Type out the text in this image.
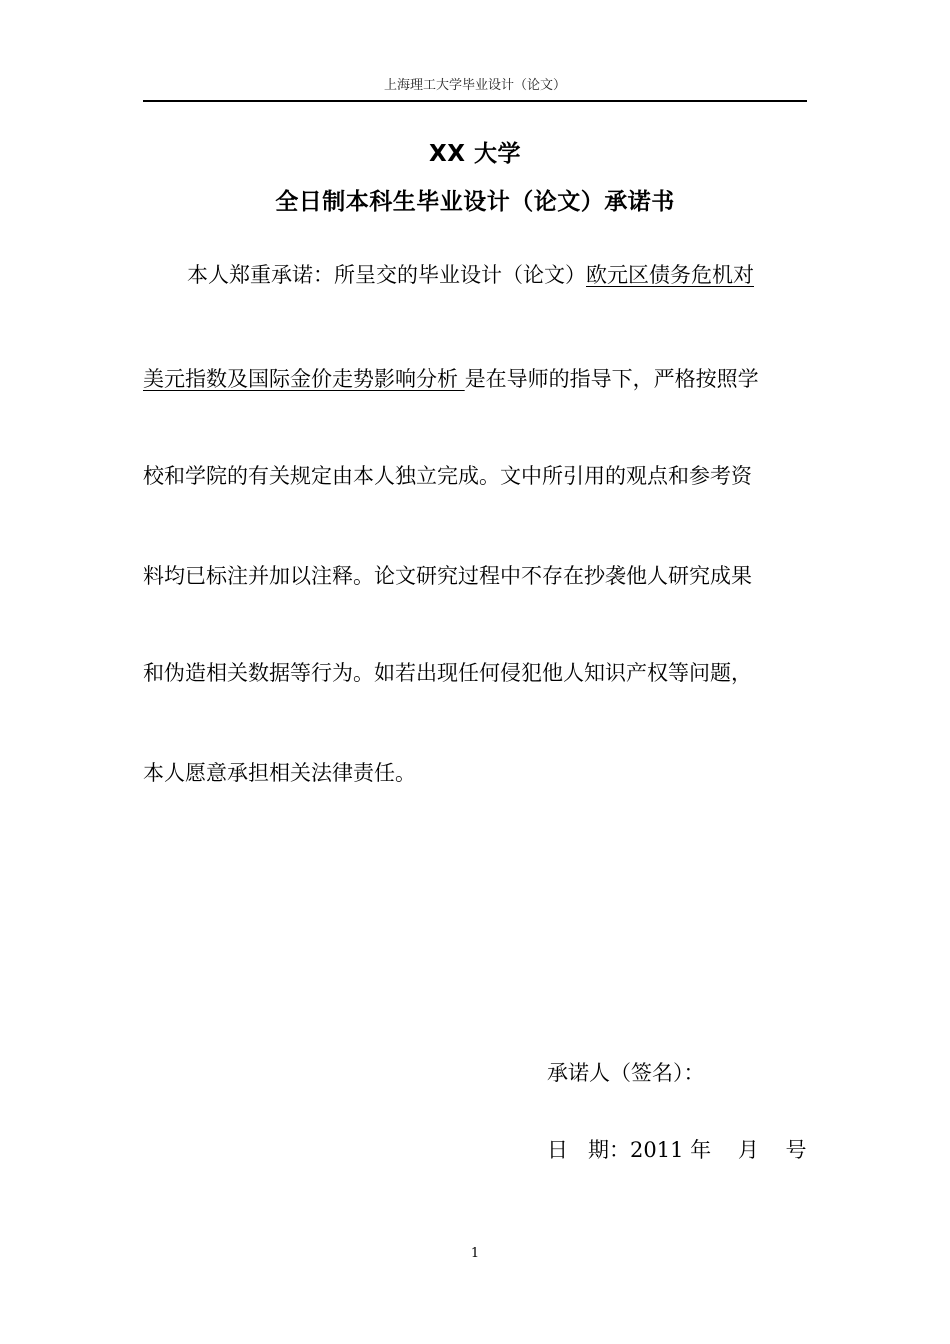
上海理工大学毕业设计（论文）
XX 大学
全日制本科生毕业设计（论文）承诺书
本人郑重承诺：所呈交的毕业设计（论文）欧元区债务危机对
美元指数及国际金价走势影响分析 是在导师的指导下，严格按照学
校和学院的有关规定由本人独立完成。文中所引用的观点和参考资
料均已标注并加以注释。论文研究过程中不存在抄袭他人研究成果
和伪造相关数据等行为。如若出现任何侵犯他人知识产权等问题，
本人愿意承担相关法律责任。
承诺人（签名）：
日   期：2011 年    月    号
1
